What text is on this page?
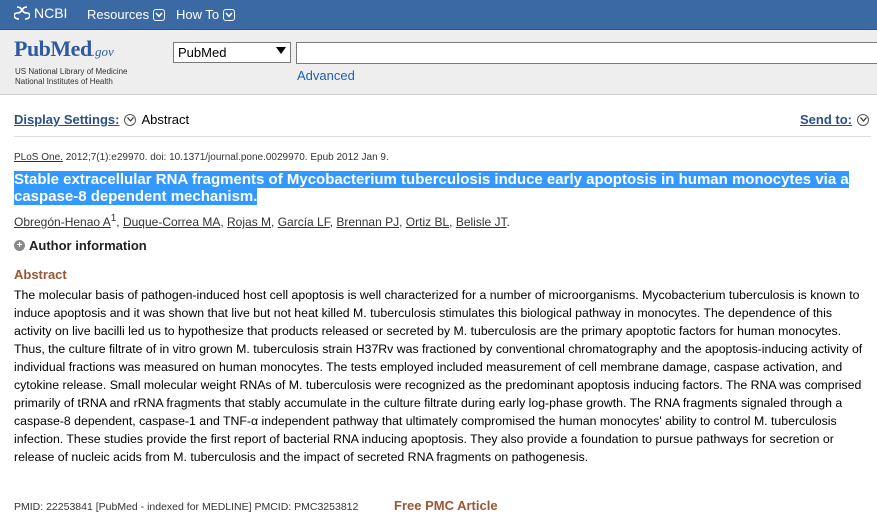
NCBI Resources How To
PubMed.gov
US National Library of Medicine
National Institutes of Health
PubMed
Advanced
Display Settings: Abstract	Send to:
PLoS One. 2012;7(1):e29970. doi: 10.1371/journal.pone.0029970. Epub 2012 Jan 9.
Stable extracellular RNA fragments of Mycobacterium tuberculosis induce early apoptosis in human monocytes via a caspase-8 dependent mechanism.
Obregón-Henao $A^1$, Duque-Correa MA, Rojas M, García LF, Brennan PJ, Ortiz BL, Belisle JT.
+ Author information
Abstract
The molecular basis of pathogen-induced host cell apoptosis is well characterized for a number of microorganisms. Mycobacterium tuberculosis is known to induce apoptosis and it was shown that live but not heat killed M. tuberculosis stimulates this biological pathway in monocytes. The dependence of this activity on live bacilli led us to hypothesize that products released or secreted by M. tuberculosis are the primary apoptotic factors for human monocytes. Thus, the culture filtrate of in vitro grown M. tuberculosis strain H37Rv was fractioned by conventional chromatography and the apoptosis-inducing activity of individual fractions was measured on human monocytes. The tests employed included measurement of cell membrane damage, caspase activation, and cytokine release. Small molecular weight RNAs of M. tuberculosis were recognized as the predominant apoptosis inducing factors. The RNA was comprised primarily of tRNA and rRNA fragments that stably accumulate in the culture filtrate during early log-phase growth. The RNA fragments signaled through a caspase-8 dependent, caspase-1 and TNF-α independent pathway that ultimately compromised the human monocytes' ability to control M. tuberculosis infection. These studies provide the first report of bacterial RNA inducing apoptosis. They also provide a foundation to pursue pathways for secretion or release of nucleic acids from M. tuberculosis and the impact of secreted RNA fragments on pathogenesis.
PMID: 22253841 [PubMed - indexed for MEDLINE] PMCID: PMC3253812	Free PMC Article
